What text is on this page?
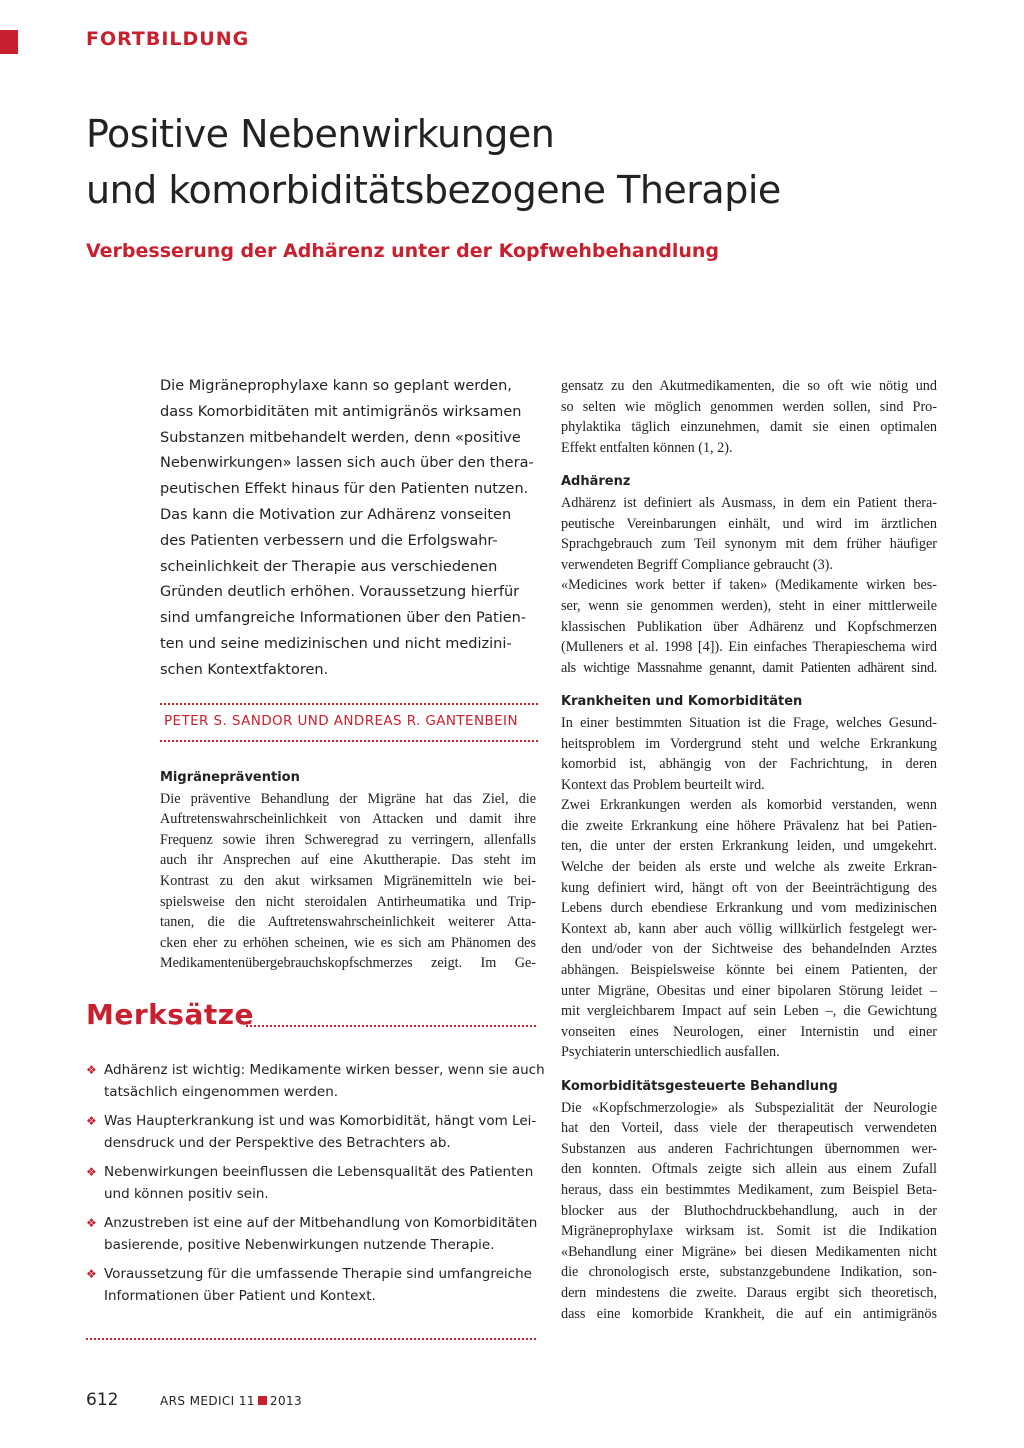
FORTBILDUNG
Positive Nebenwirkungen
und komorbiditätsbezogene Therapie
Verbesserung der Adhärenz unter der Kopfwehbehandlung
Die Migräneprophylaxe kann so geplant werden,
dass Komorbiditäten mit antimigränös wirksamen
Substanzen mitbehandelt werden, denn «positive
Nebenwirkungen» lassen sich auch über den thera-
peutischen Effekt hinaus für den Patienten nutzen.
Das kann die Motivation zur Adhärenz vonseiten
des Patienten verbessern und die Erfolgswahr-
scheinlichkeit der Therapie aus verschiedenen
Gründen deutlich erhöhen. Voraussetzung hierfür
sind umfangreiche Informationen über den Patien-
ten und seine medizinischen und nicht medizini-
schen Kontextfaktoren.
PETER S. SANDOR UND ANDREAS R. GANTENBEIN
Migräneprävention

Die präventive Behandlung der Migräne hat das Ziel, die
Auftretenswahrscheinlichkeit von Attacken und damit ihre
Frequenz sowie ihren Schweregrad zu verringern, allenfalls
auch ihr Ansprechen auf eine Akuttherapie. Das steht im
Kontrast zu den akut wirksamen Migränemitteln wie bei-
spielsweise den nicht steroidalen Antirheumatika und Trip-
tanen, die die Auftretenswahrscheinlichkeit weiterer Atta-
cken eher zu erhöhen scheinen, wie es sich am Phänomen des
Medikamentenübergebrauchskopfschmerzes zeigt. Im Ge-

Merksätze
❖ Adhärenz ist wichtig: Medikamente wirken besser, wenn sie auch
tatsächlich eingenommen werden.
❖ Was Haupterkrankung ist und was Komorbidität, hängt vom Lei-
densdruck und der Perspektive des Betrachters ab.
❖ Nebenwirkungen beeinflussen die Lebensqualität des Patienten
und können positiv sein.
❖ Anzustreben ist eine auf der Mitbehandlung von Komorbiditäten
basierende, positive Nebenwirkungen nutzende Therapie.
❖ Voraussetzung für die umfassende Therapie sind umfangreiche
Informationen über Patient und Kontext.

gensatz zu den Akutmedikamenten, die so oft wie nötig und
so selten wie möglich genommen werden sollen, sind Pro-
phylaktika täglich einzunehmen, damit sie einen optimalen
Effekt entfalten können (1, 2).

Adhärenz

Adhärenz ist definiert als Ausmass, in dem ein Patient thera-
peutische Vereinbarungen einhält, und wird im ärztlichen
Sprachgebrauch zum Teil synonym mit dem früher häufiger
verwendeten Begriff Compliance gebraucht (3).
«Medicines work better if taken» (Medikamente wirken bes-
ser, wenn sie genommen werden), steht in einer mittlerweile
klassischen Publikation über Adhärenz und Kopfschmerzen
(Mulleners et al. 1998 [4]). Ein einfaches Therapieschema wird
als wichtige Massnahme genannt, damit Patienten adhärent sind.

Krankheiten und Komorbiditäten

In einer bestimmten Situation ist die Frage, welches Gesund-
heitsproblem im Vordergrund steht und welche Erkrankung
komorbid ist, abhängig von der Fachrichtung, in deren
Kontext das Problem beurteilt wird.
Zwei Erkrankungen werden als komorbid verstanden, wenn
die zweite Erkrankung eine höhere Prävalenz hat bei Patien-
ten, die unter der ersten Erkrankung leiden, und umgekehrt.
Welche der beiden als erste und welche als zweite Erkran-
kung definiert wird, hängt oft von der Beeinträchtigung des
Lebens durch ebendiese Erkrankung und vom medizinischen
Kontext ab, kann aber auch völlig willkürlich festgelegt wer-
den und/oder von der Sichtweise des behandelnden Arztes
abhängen. Beispielsweise könnte bei einem Patienten, der
unter Migräne, Obesitas und einer bipolaren Störung leidet –
mit vergleichbarem Impact auf sein Leben –, die Gewichtung
vonseiten eines Neurologen, einer Internistin und einer
Psychiaterin unterschiedlich ausfallen.

Komorbiditätsgesteuerte Behandlung

Die «Kopfschmerzologie» als Subspezialität der Neurologie
hat den Vorteil, dass viele der therapeutisch verwendeten
Substanzen aus anderen Fachrichtungen übernommen wer-
den konnten. Oftmals zeigte sich allein aus einem Zufall
heraus, dass ein bestimmtes Medikament, zum Beispiel Beta-
blocker aus der Bluthochdruckbehandlung, auch in der
Migräneprophylaxe wirksam ist. Somit ist die Indikation
«Behandlung einer Migräne» bei diesen Medikamenten nicht
die chronologisch erste, substanzgebundene Indikation, son-
dern mindestens die zweite. Daraus ergibt sich theoretisch,
dass eine komorbide Krankheit, die auf ein antimigränös

612	ARS MEDICI 11 2013
